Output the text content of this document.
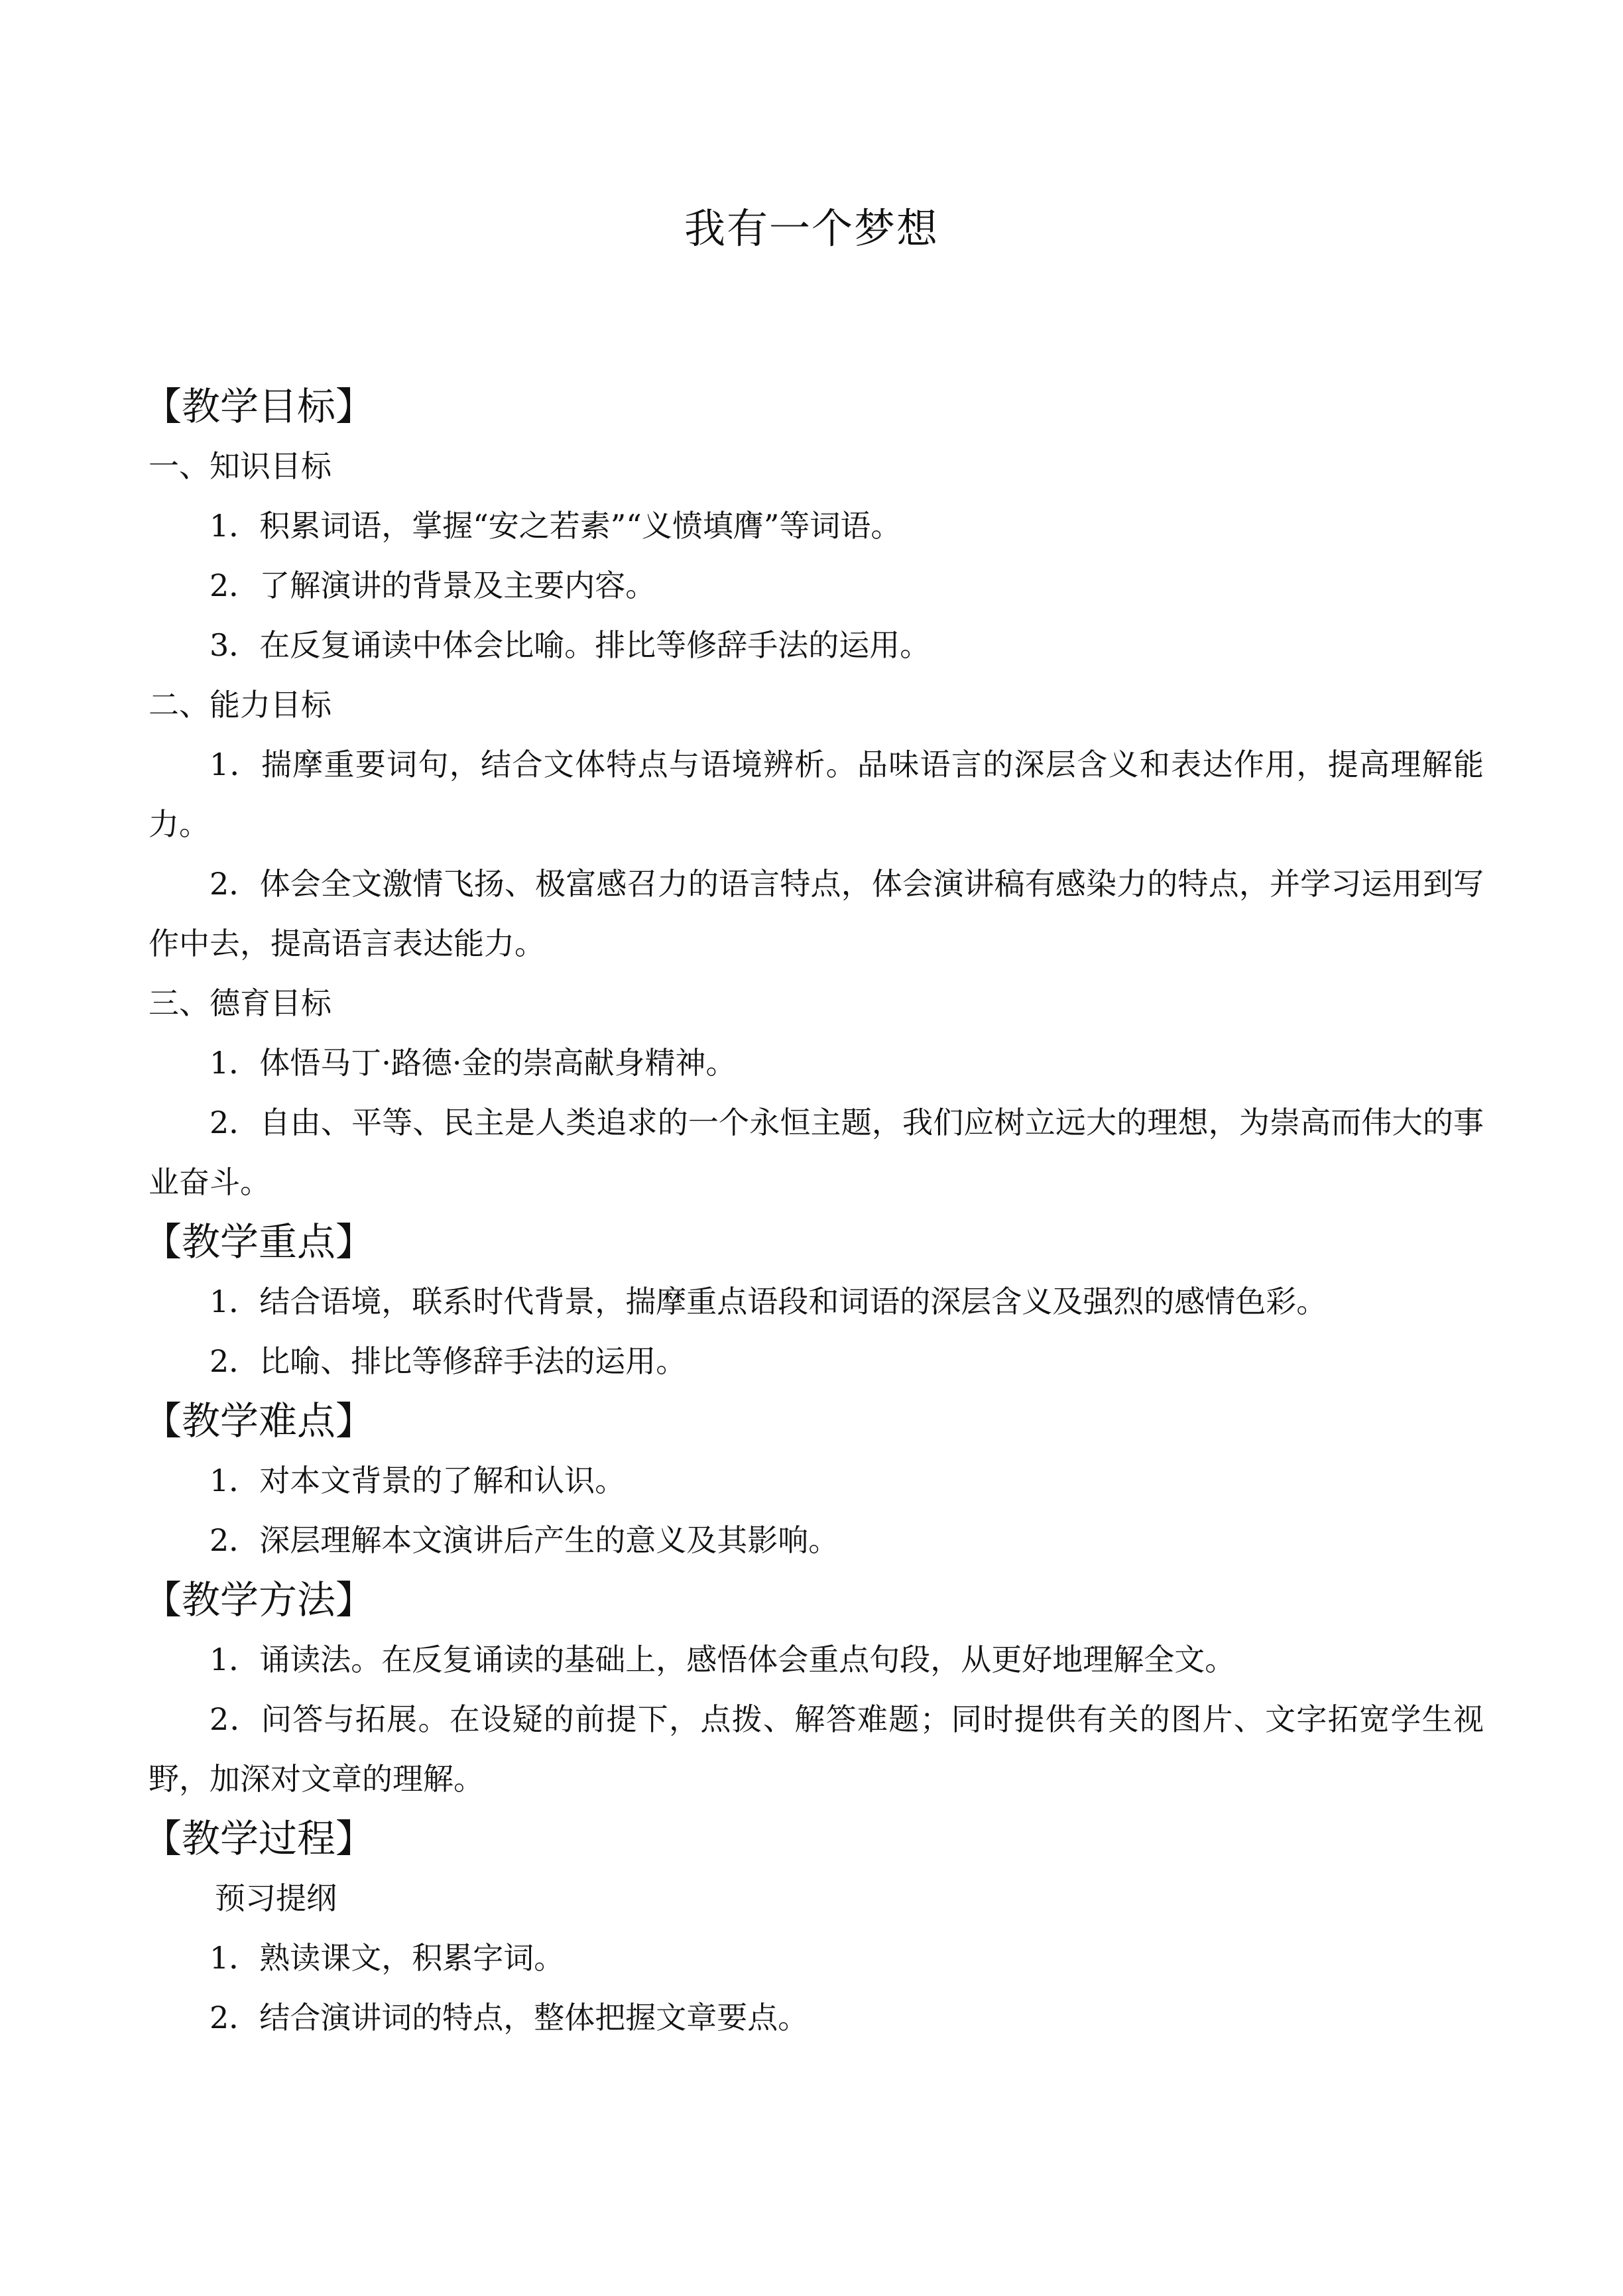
我有一个梦想

【教学目标】

一、知识目标

1．积累词语，掌握“安之若素”“义愤填膺”等词语。

2．了解演讲的背景及主要内容。

3．在反复诵读中体会比喻。排比等修辞手法的运用。

二、能力目标

1．揣摩重要词句，结合文体特点与语境辨析。品味语言的深层含义和表达作用，提高理解能力。

2．体会全文激情飞扬、极富感召力的语言特点，体会演讲稿有感染力的特点，并学习运用到写作中去，提高语言表达能力。

三、德育目标

1．体悟马丁·路德·金的崇高献身精神。

2．自由、平等、民主是人类追求的一个永恒主题，我们应树立远大的理想，为崇高而伟大的事业奋斗。

【教学重点】

1．结合语境，联系时代背景，揣摩重点语段和词语的深层含义及强烈的感情色彩。

2．比喻、排比等修辞手法的运用。

【教学难点】

1．对本文背景的了解和认识。

2．深层理解本文演讲后产生的意义及其影响。

【教学方法】

1．诵读法。在反复诵读的基础上，感悟体会重点句段，从更好地理解全文。

2．问答与拓展。在设疑的前提下，点拨、解答难题；同时提供有关的图片、文字拓宽学生视野，加深对文章的理解。

【教学过程】

预习提纲

1．熟读课文，积累字词。

2．结合演讲词的特点，整体把握文章要点。
